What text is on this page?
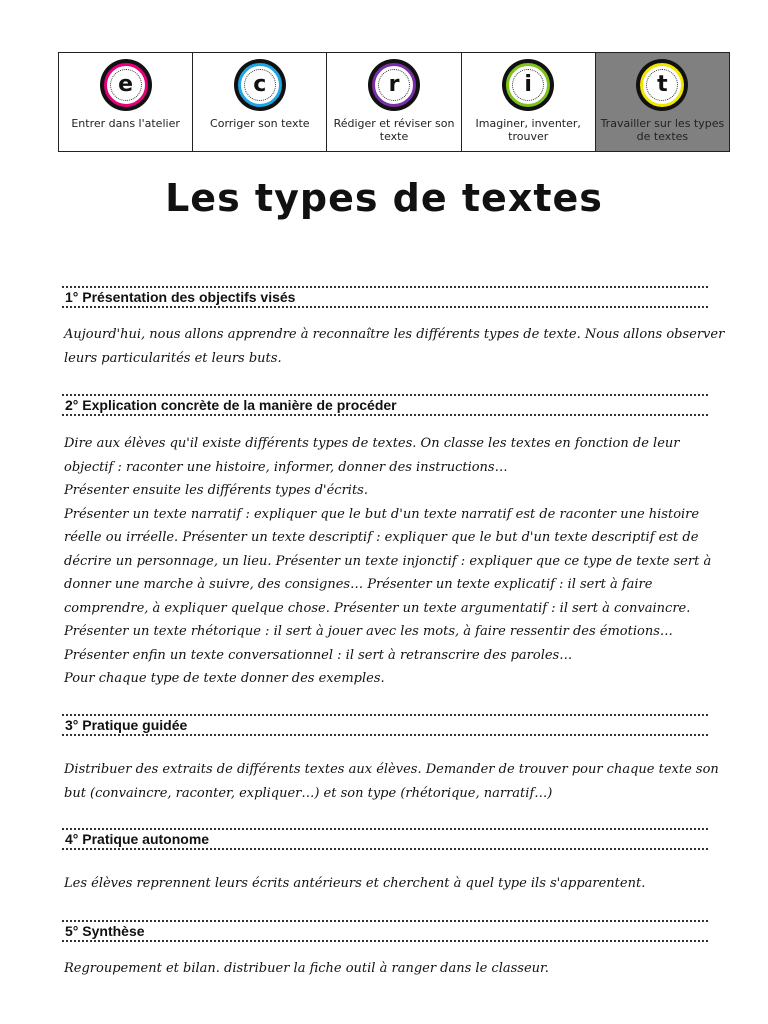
e
Entrer dans l'atelier
c
Corriger son texte
r
Rédiger et réviser son texte
i
Imaginer, inventer, trouver
t
Travailler sur les types de textes
Les types de textes
1° Présentation des objectifs visés

Aujourd'hui, nous allons apprendre à reconnaître les différents types de texte. Nous allons observer leurs particularités et leurs buts.

2° Explication concrète de la manière de procéder

Dire aux élèves qu'il existe différents types de textes. On classe les textes en fonction de leur objectif : raconter une histoire, informer, donner des instructions…

Présenter ensuite les différents types d'écrits.

Présenter un texte narratif : expliquer que le but d'un texte narratif est de raconter une histoire réelle ou irréelle. Présenter un texte descriptif : expliquer que le but d'un texte descriptif est de décrire un personnage, un lieu. Présenter un texte injonctif : expliquer que ce type de texte sert à donner une marche à suivre, des consignes… Présenter un texte explicatif : il sert à faire comprendre, à expliquer quelque chose. Présenter un texte argumentatif : il sert à convaincre. Présenter un texte rhétorique : il sert à jouer avec les mots, à faire ressentir des émotions… Présenter enfin un texte conversationnel : il sert à retranscrire des paroles…

Pour chaque type de texte donner des exemples.

3° Pratique guidée

Distribuer des extraits de différents textes aux élèves. Demander de trouver pour chaque texte son but (convaincre, raconter, expliquer…) et son type (rhétorique, narratif…)

4° Pratique autonome

Les élèves reprennent leurs écrits antérieurs et cherchent à quel type ils s'apparentent.

5° Synthèse

Regroupement et bilan. distribuer la fiche outil à ranger dans le classeur.
